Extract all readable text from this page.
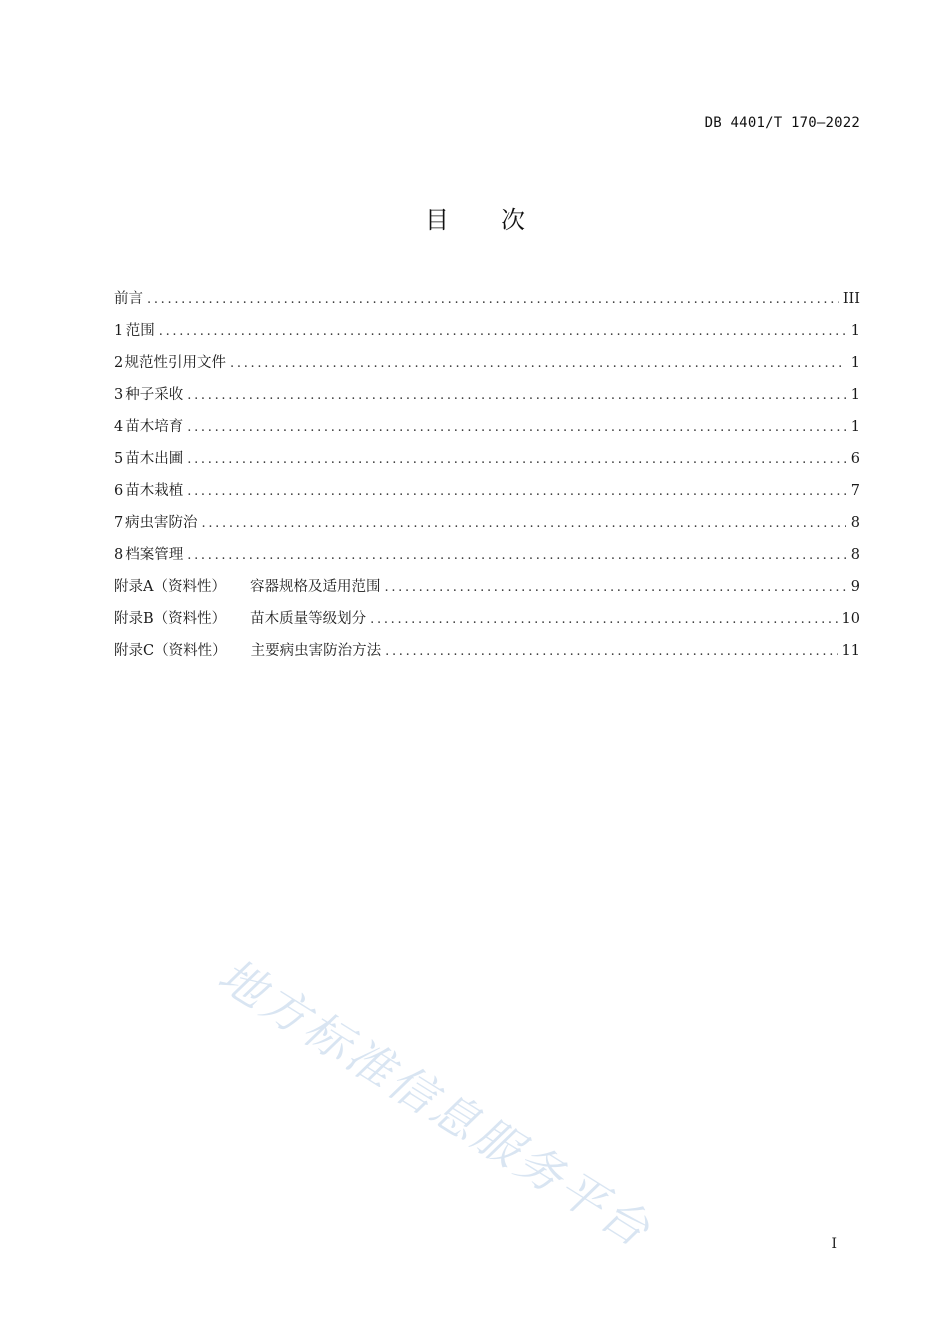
DB 4401/T 170—2022
目次
前言 .....	III
1 范围 .....	1
2 规范性引用文件 .....	1
3 种子采收 .....	1
4 苗木培育 .....	1
5 苗木出圃 .....	6
6 苗木栽植 .....	7
7 病虫害防治 .....	8
8 档案管理 .....	8
附录A（资料性） 容器规格及适用范围 .....	9
附录B（资料性） 苗木质量等级划分 .....	10
附录C（资料性） 主要病虫害防治方法 .....	11
地方标准信息服务平台	I
